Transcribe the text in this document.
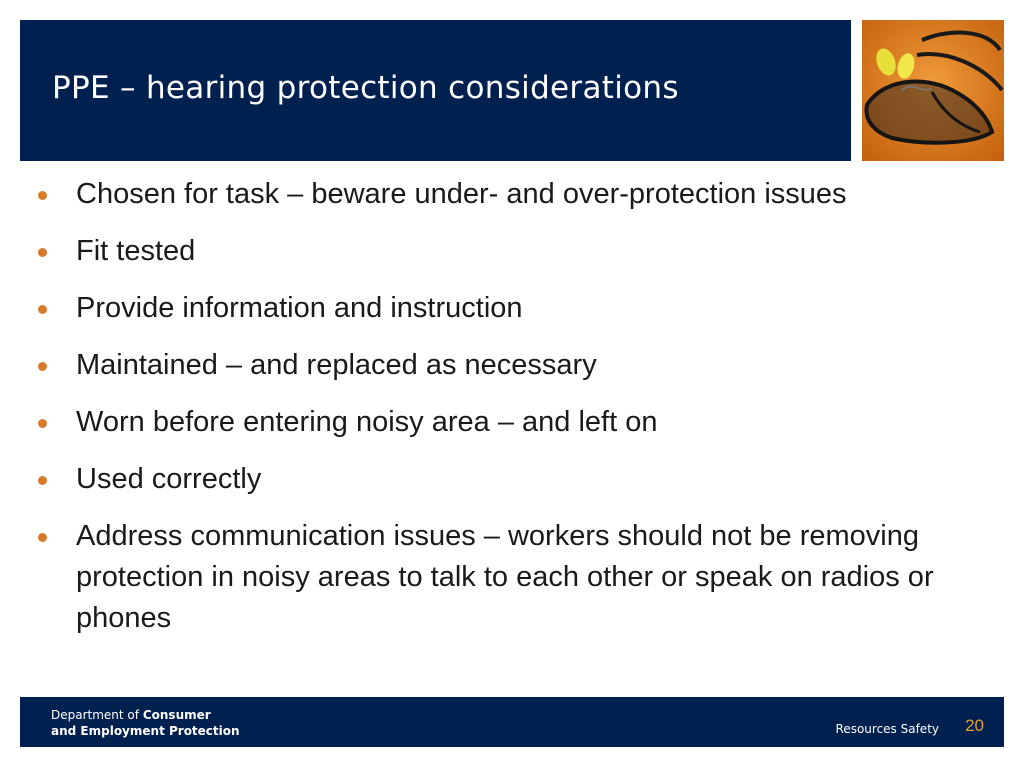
PPE – hearing protection considerations
Chosen for task – beware under- and over-protection issues
Fit tested
Provide information and instruction
Maintained – and replaced as necessary
Worn before entering noisy area – and left on
Used correctly
Address communication issues – workers should not be removing protection in noisy areas to talk to each other or speak on radios or phones
Department of Consumer
and Employment Protection	Resources Safety 20
